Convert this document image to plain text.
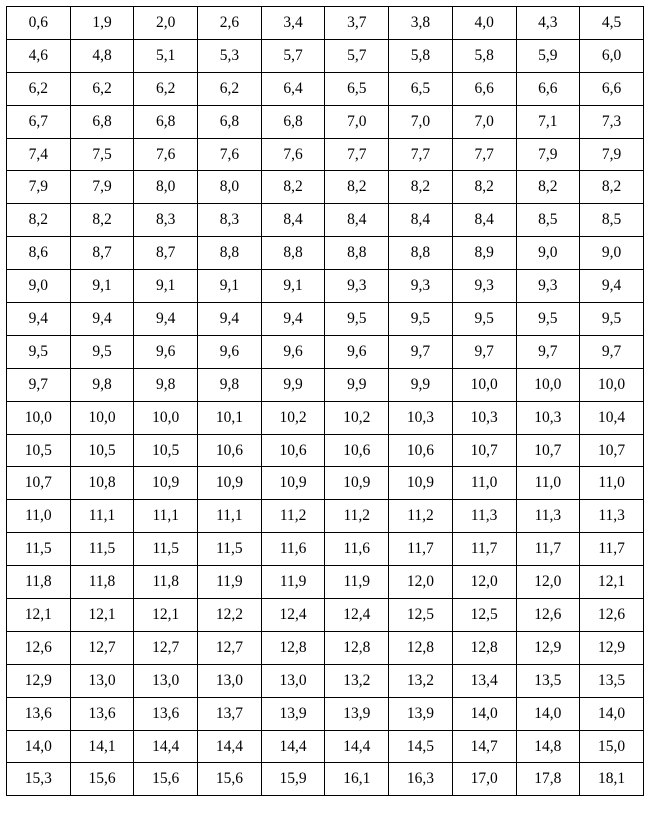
0,6	1,9	2,0	2,6	3,4	3,7	3,8	4,0	4,3	4,5
4,6	4,8	5,1	5,3	5,7	5,7	5,8	5,8	5,9	6,0
6,2	6,2	6,2	6,2	6,4	6,5	6,5	6,6	6,6	6,6
6,7	6,8	6,8	6,8	6,8	7,0	7,0	7,0	7,1	7,3
7,4	7,5	7,6	7,6	7,6	7,7	7,7	7,7	7,9	7,9
7,9	7,9	8,0	8,0	8,2	8,2	8,2	8,2	8,2	8,2
8,2	8,2	8,3	8,3	8,4	8,4	8,4	8,4	8,5	8,5
8,6	8,7	8,7	8,8	8,8	8,8	8,8	8,9	9,0	9,0
9,0	9,1	9,1	9,1	9,1	9,3	9,3	9,3	9,3	9,4
9,4	9,4	9,4	9,4	9,4	9,5	9,5	9,5	9,5	9,5
9,5	9,5	9,6	9,6	9,6	9,6	9,7	9,7	9,7	9,7
9,7	9,8	9,8	9,8	9,9	9,9	9,9	10,0	10,0	10,0
10,0	10,0	10,0	10,1	10,2	10,2	10,3	10,3	10,3	10,4
10,5	10,5	10,5	10,6	10,6	10,6	10,6	10,7	10,7	10,7
10,7	10,8	10,9	10,9	10,9	10,9	10,9	11,0	11,0	11,0
11,0	11,1	11,1	11,1	11,2	11,2	11,2	11,3	11,3	11,3
11,5	11,5	11,5	11,5	11,6	11,6	11,7	11,7	11,7	11,7
11,8	11,8	11,8	11,9	11,9	11,9	12,0	12,0	12,0	12,1
12,1	12,1	12,1	12,2	12,4	12,4	12,5	12,5	12,6	12,6
12,6	12,7	12,7	12,7	12,8	12,8	12,8	12,8	12,9	12,9
12,9	13,0	13,0	13,0	13,0	13,2	13,2	13,4	13,5	13,5
13,6	13,6	13,6	13,7	13,9	13,9	13,9	14,0	14,0	14,0
14,0	14,1	14,4	14,4	14,4	14,4	14,5	14,7	14,8	15,0
15,3	15,6	15,6	15,6	15,9	16,1	16,3	17,0	17,8	18,1
